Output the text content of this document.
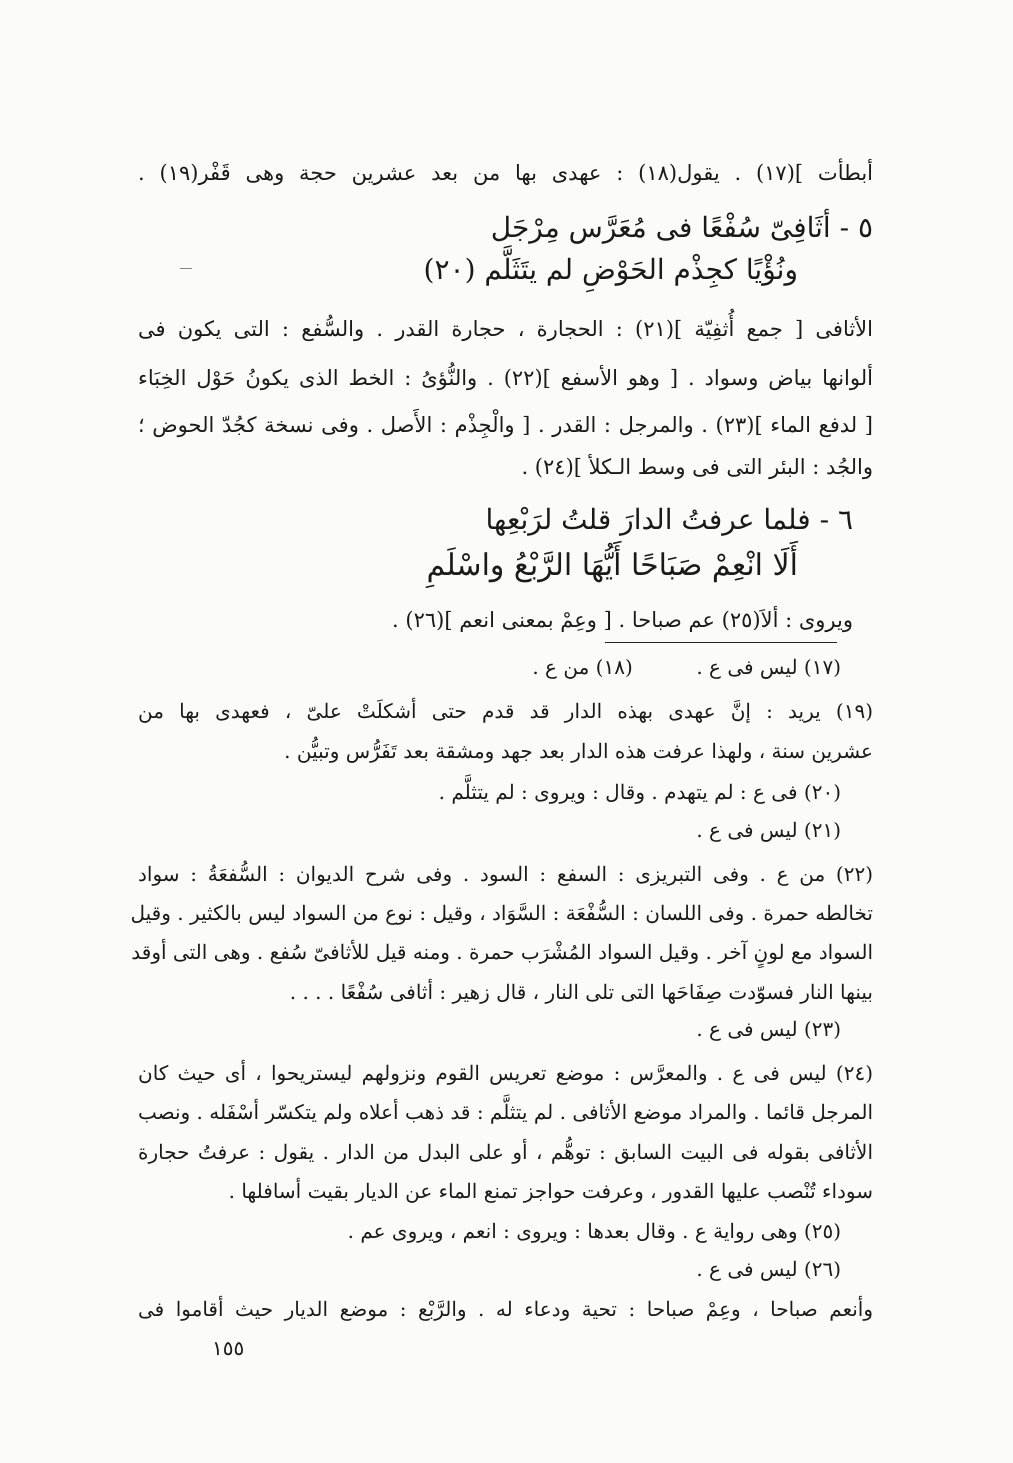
أبطأت ](١٧) . يقول(١٨) : عهدى بها من بعد عشرين حجة وهى قَفْر(١٩) .
٥ - أثَافِىّ سُفْعًا فى مُعَرَّس مِرْجَل
ونُؤْيًا كجِذْم الحَوْضِ لم يتَثَلَّم (٢٠)
الأثافى [ جمع أُثفِيّة ](٢١) : الحجارة ، حجارة القدر . والسُّفع : التى يكون فى
ألوانها بياض وسواد . [ وهو الأسفع ](٢٢) . والنُّؤىُ : الخط الذى يكونُ حَوْل الخِبَاء
[ لدفع الماء ](٢٣) . والمرجل : القدر . [ والْجِذْم : الأَصل . وفى نسخة كجُدّ الحوض ؛
والجُد : البئر التى فى وسط الـكلأ ](٢٤) .
٦ - فلما عرفتُ الدارَ قلتُ لرَبْعِها
أَلَا انْعِمْ صَبَاحًا أَيُّهَا الرَّبْعُ واسْلَمِ
ويروى : ألاَ(٢٥) عم صباحا . [ وعِمْ بمعنى انعم ](٢٦) .
(١٧) ليس فى ع .          (١٨) من ع .
(١٩) يريد : إنَّ عهدى بهذه الدار قد قدم حتى أشكلَتْ علىّ ، فعهدى بها من
عشرين سنة ، ولهذا عرفت هذه الدار بعد جهد ومشقة بعد تَفَرُّس وتبيُّن .
(٢٠) فى ع : لم يتهدم . وقال : ويروى : لم يتثلَّم .
(٢١) ليس فى ع .
(٢٢) من ع . وفى التبريزى : السفع : السود . وفى شرح الديوان : السُّفعَةُ : سواد
تخالطه حمرة . وفى اللسان : السُّفْعَة : السَّوَاد ، وقيل : نوع من السواد ليس بالكثير . وقيل
السواد مع لونٍ آخر . وقيل السواد المُشْرَب حمرة . ومنه قيل للأثافىّ سُفع . وهى التى أوقد
بينها النار فسوّدت صِفَاحَها التى تلى النار ، قال زهير : أثافى سُفْعًا . . . .
(٢٣) ليس فى ع .
(٢٤) ليس فى ع . والمعرَّس : موضع تعريس القوم ونزولهم ليستريحوا ، أى حيث كان
المرجل قائما . والمراد موضع الأثافى . لم يتثلَّم : قد ذهب أعلاه ولم يتكسّر أسْفَله . ونصب
الأثافى بقوله فى البيت السابق : توهُّم ، أو على البدل من الدار . يقول : عرفتُ حجارة
سوداء تُنْصب عليها القدور ، وعرفت حواجز تمنع الماء عن الديار بقيت أسافلها .
(٢٥) وهى رواية ع . وقال بعدها : ويروى : انعم ، ويروى عم .
(٢٦) ليس فى ع .
وأنعم صباحا ، وعِمْ صباحا : تحية ودعاء له . والرَّبْع : موضع الديار حيث أقاموا فى
١٥٥
